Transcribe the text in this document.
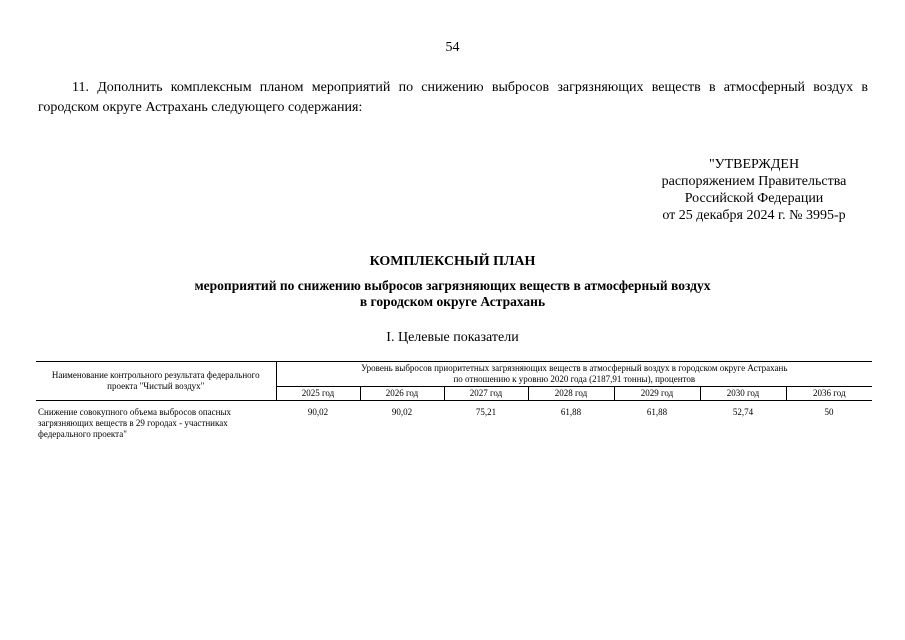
54

11. Дополнить комплексным планом мероприятий по снижению выбросов загрязняющих веществ в атмосферный воздух в городском округе Астрахань следующего содержания:

"УТВЕРЖДЕН
распоряжением Правительства
Российской Федерации
от 25 декабря 2024 г. № 3995-р
КОМПЛЕКСНЫЙ ПЛАН
мероприятий по снижению выбросов загрязняющих веществ в атмосферный воздух
в городском округе Астрахань
I. Целевые показатели
Наименование контрольного результата федерального проекта "Чистый воздух"	Уровень выбросов приоритетных загрязняющих веществ в атмосферный воздух в городском округе Астрахань
по отношению к уровню 2020 года (2187,91 тонны), процентов						

	2025 год	2026 год	2027 год	2028 год	2029 год	2030 год	2036 год
Снижение совокупного объема выбросов опасных загрязняющих веществ в 29 городах - участниках федерального проекта"	90,02	90,02	75,21	61,88	61,88	52,74	50
